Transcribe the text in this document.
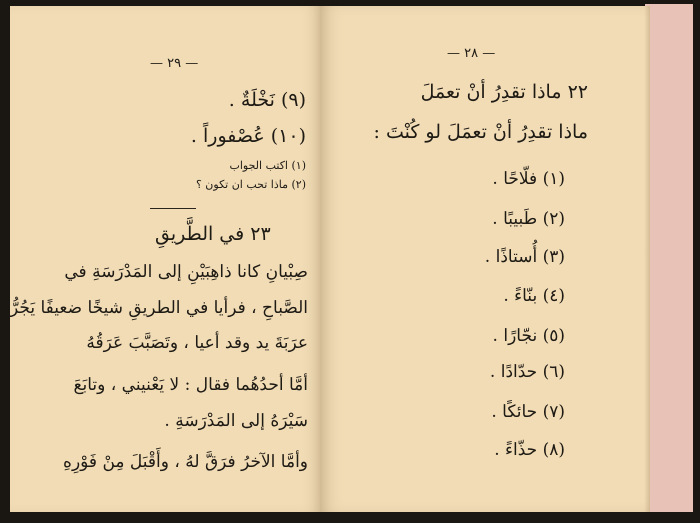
— ٢٩ —
(٩) نَخْلَةٌ .
(١٠) عُصْفوراً .
(١) اكتب الجواب
(٢) ماذا تحب ان تكون ؟
٢٣ في الطَّريقِ
صِبْيانِ كانا ذاهِبَيْنِ إلى المَدْرَسَةِ في
الصَّباحِ ، فرأيا في الطريقِ شيخًا ضعيفًا يَجُرُّ
عرَبَةَ يد وقد أعيا ، وتَصَبَّبَ عَرَقُهُ
أمَّا أحدُهُما فقال : لا يَعْنيني ، وتابَعَ
سَيْرَهُ إلى المَدْرَسَةِ .
وأمَّا الآخرُ فرَقَّ لهُ ، وأَقْبَلَ مِنْ فَوْرِهِ
— ٢٨ —
٢٢ ماذا تقدِرُ أنْ تعمَلَ
ماذا تقدِرُ أنْ تعمَلَ لو كُنْتَ :
(١) فلّاحًا .
(٢) طَبيبًا .
(٣) أُستاذًا .
(٤) بنّاءً .
(٥) نجّارًا .
(٦) حدّادًا .
(٧) حائكًا .
(٨) حذّاءً .
